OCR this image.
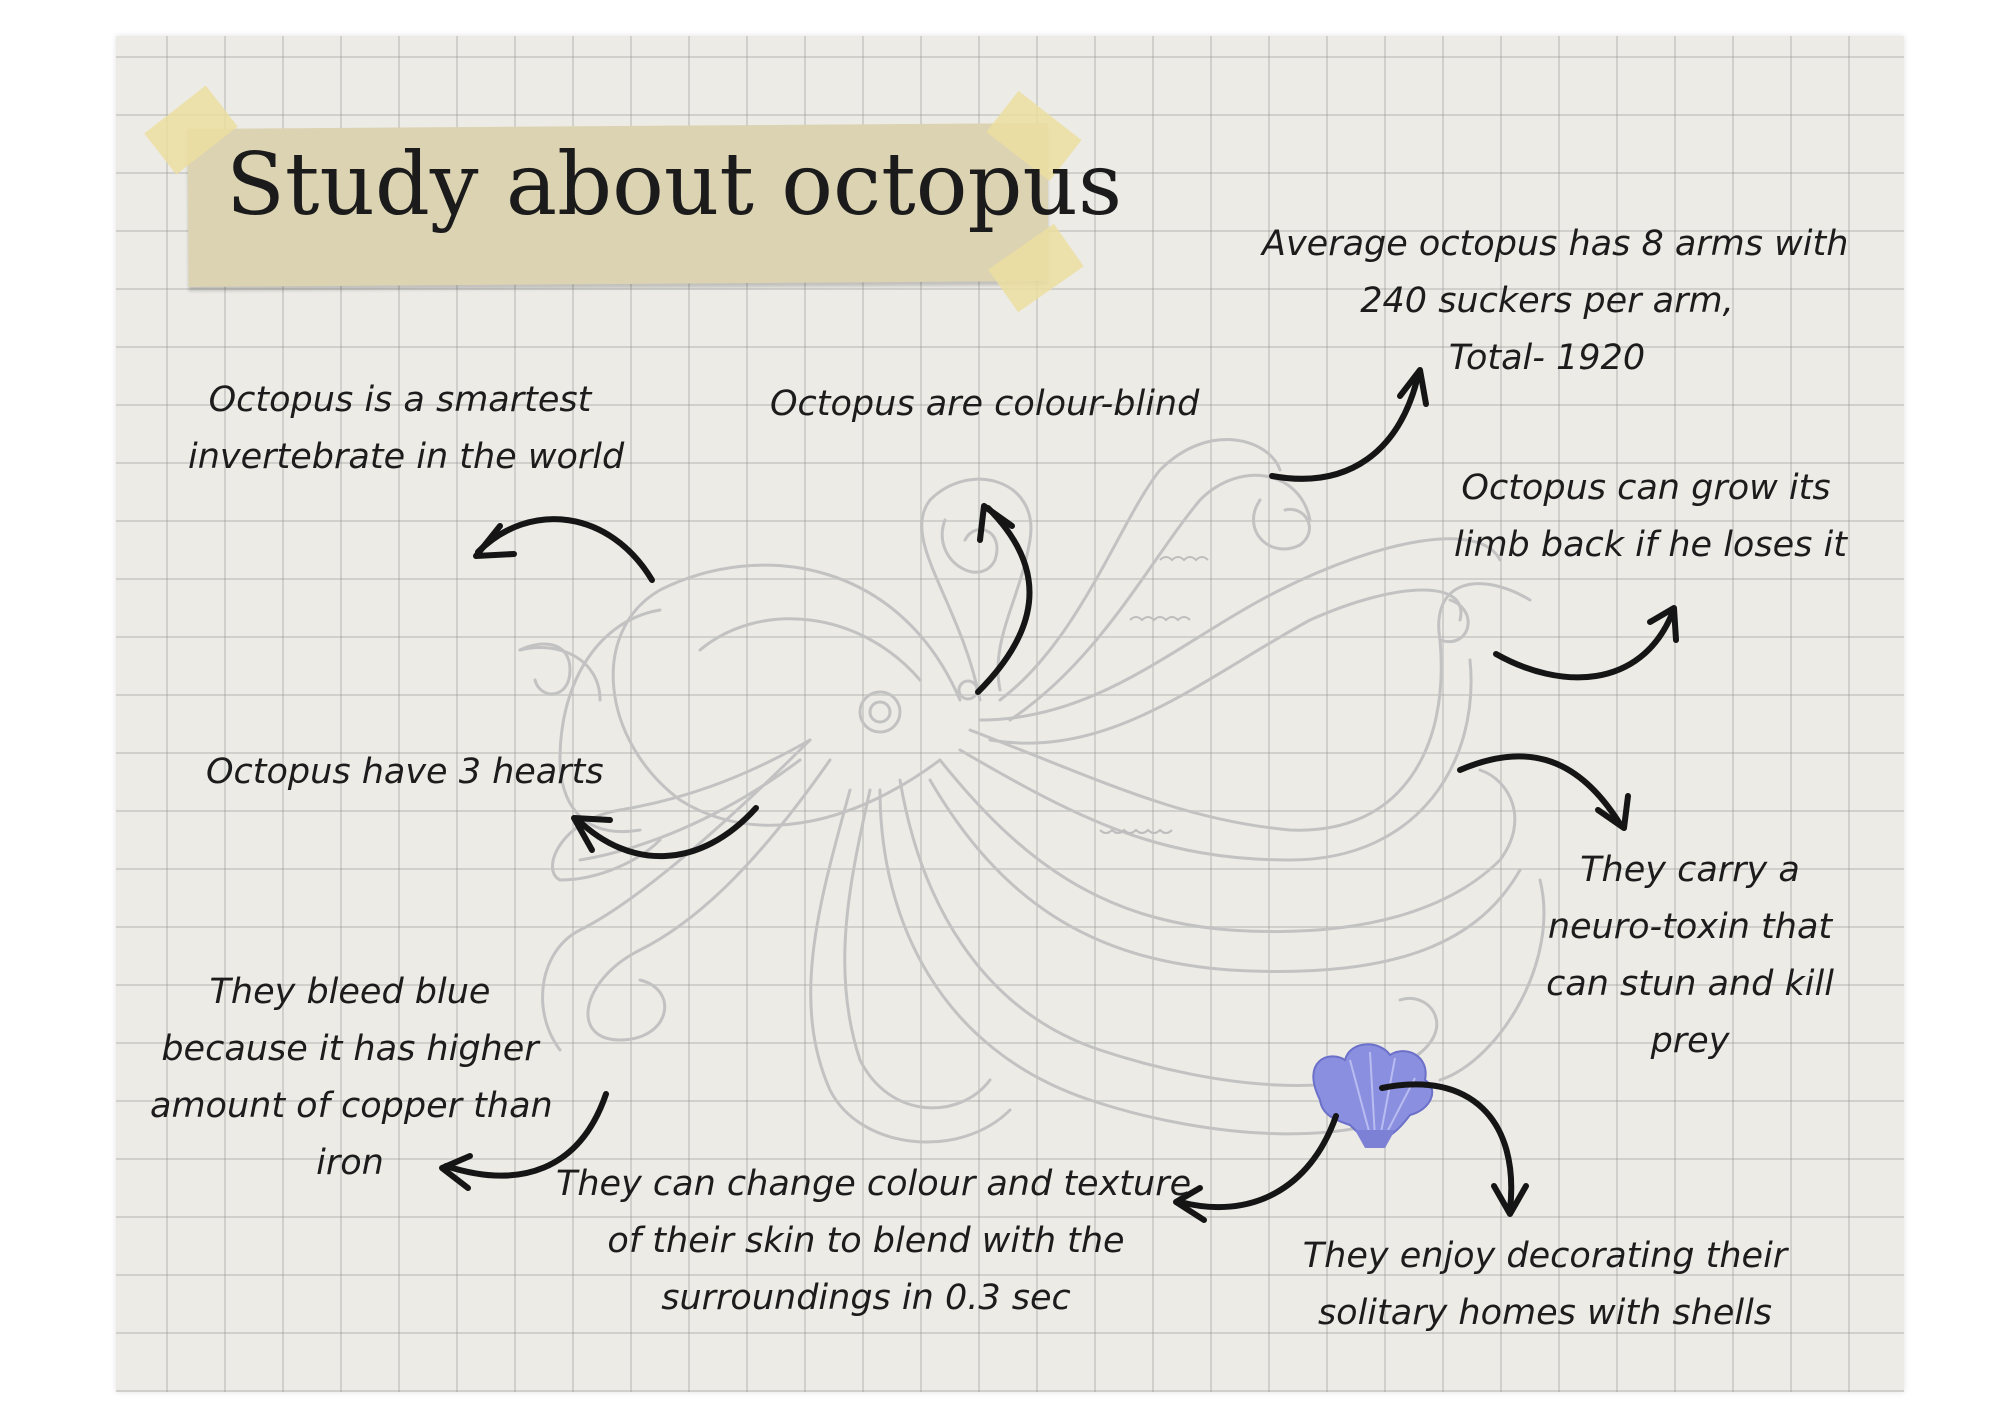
Study about octopus
Octopus is a smartest
invertebrate in the world
Octopus are colour-blind
Average octopus has 8 arms with
240 suckers per arm,
Total- 1920
Octopus can grow its
limb back if he loses it
Octopus have 3 hearts
They carry a
neuro-toxin that
can stun and kill
prey
They bleed blue
because it has higher
amount of copper than
iron
They can change colour and texture
of their skin to blend with the
surroundings in 0.3 sec
They enjoy decorating their
solitary homes with shells
